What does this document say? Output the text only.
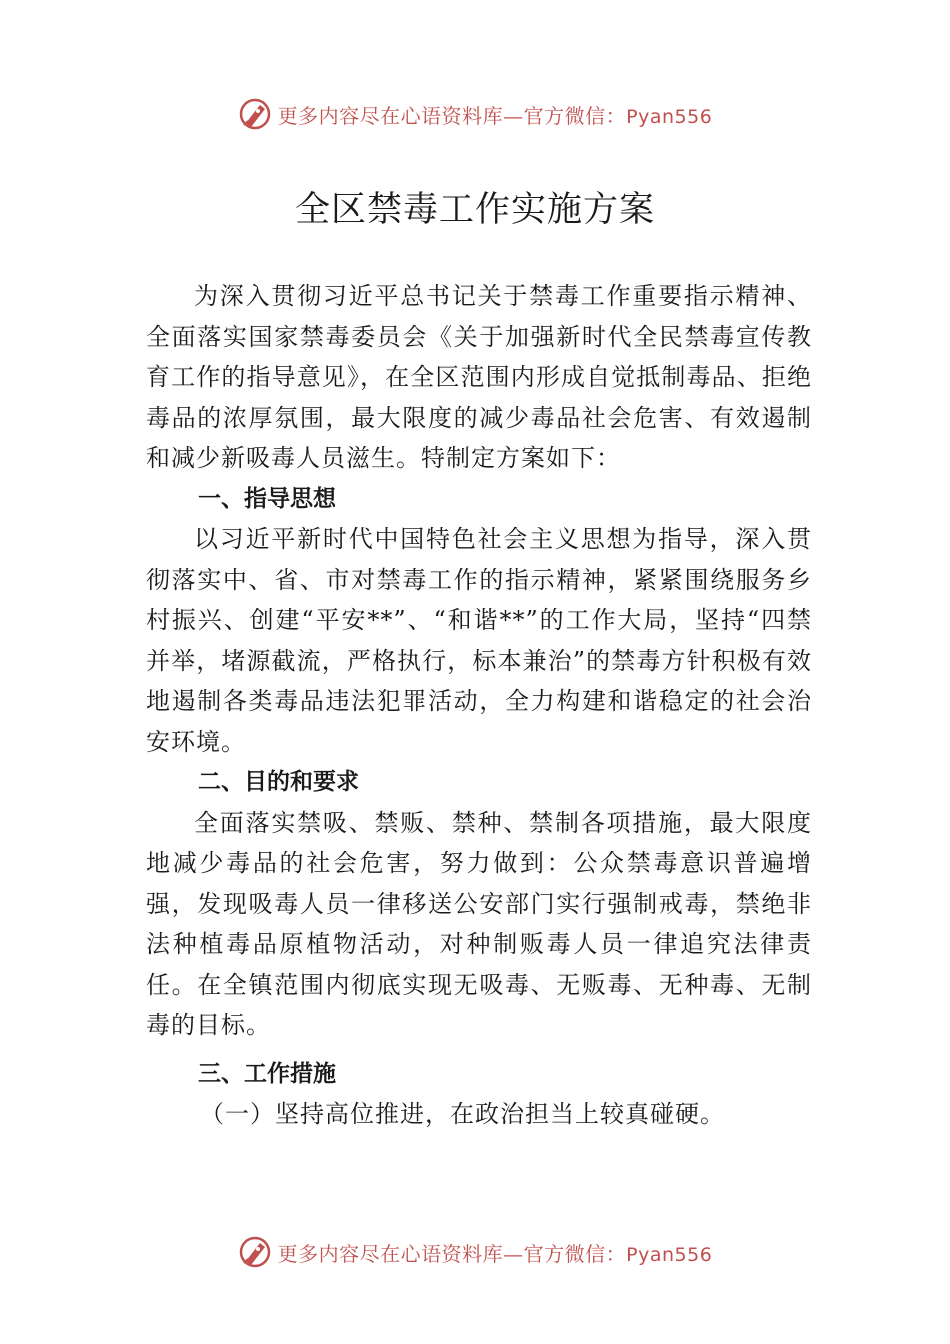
更多内容尽在心语资料库—官方微信：Pyan556
全区禁毒工作实施方案

为深入贯彻习近平总书记关于禁毒工作重要指示精神、全面落实国家禁毒委员会《关于加强新时代全民禁毒宣传教育工作的指导意见》，在全区范围内形成自觉抵制毒品、拒绝毒品的浓厚氛围，最大限度的减少毒品社会危害、有效遏制和减少新吸毒人员滋生。特制定方案如下：

一、指导思想

以习近平新时代中国特色社会主义思想为指导，深入贯彻落实中、省、市对禁毒工作的指示精神，紧紧围绕服务乡村振兴、创建“平安**”、“和谐**”的工作大局，坚持“四禁并举，堵源截流，严格执行，标本兼治”的禁毒方针积极有效地遏制各类毒品违法犯罪活动，全力构建和谐稳定的社会治安环境。

二、目的和要求

全面落实禁吸、禁贩、禁种、禁制各项措施，最大限度地减少毒品的社会危害，努力做到：公众禁毒意识普遍增强，发现吸毒人员一律移送公安部门实行强制戒毒，禁绝非法种植毒品原植物活动，对种制贩毒人员一律追究法律责任。在全镇范围内彻底实现无吸毒、无贩毒、无种毒、无制毒的目标。

三、工作措施

（一）坚持高位推进，在政治担当上较真碰硬。

更多内容尽在心语资料库—官方微信：Pyan556
